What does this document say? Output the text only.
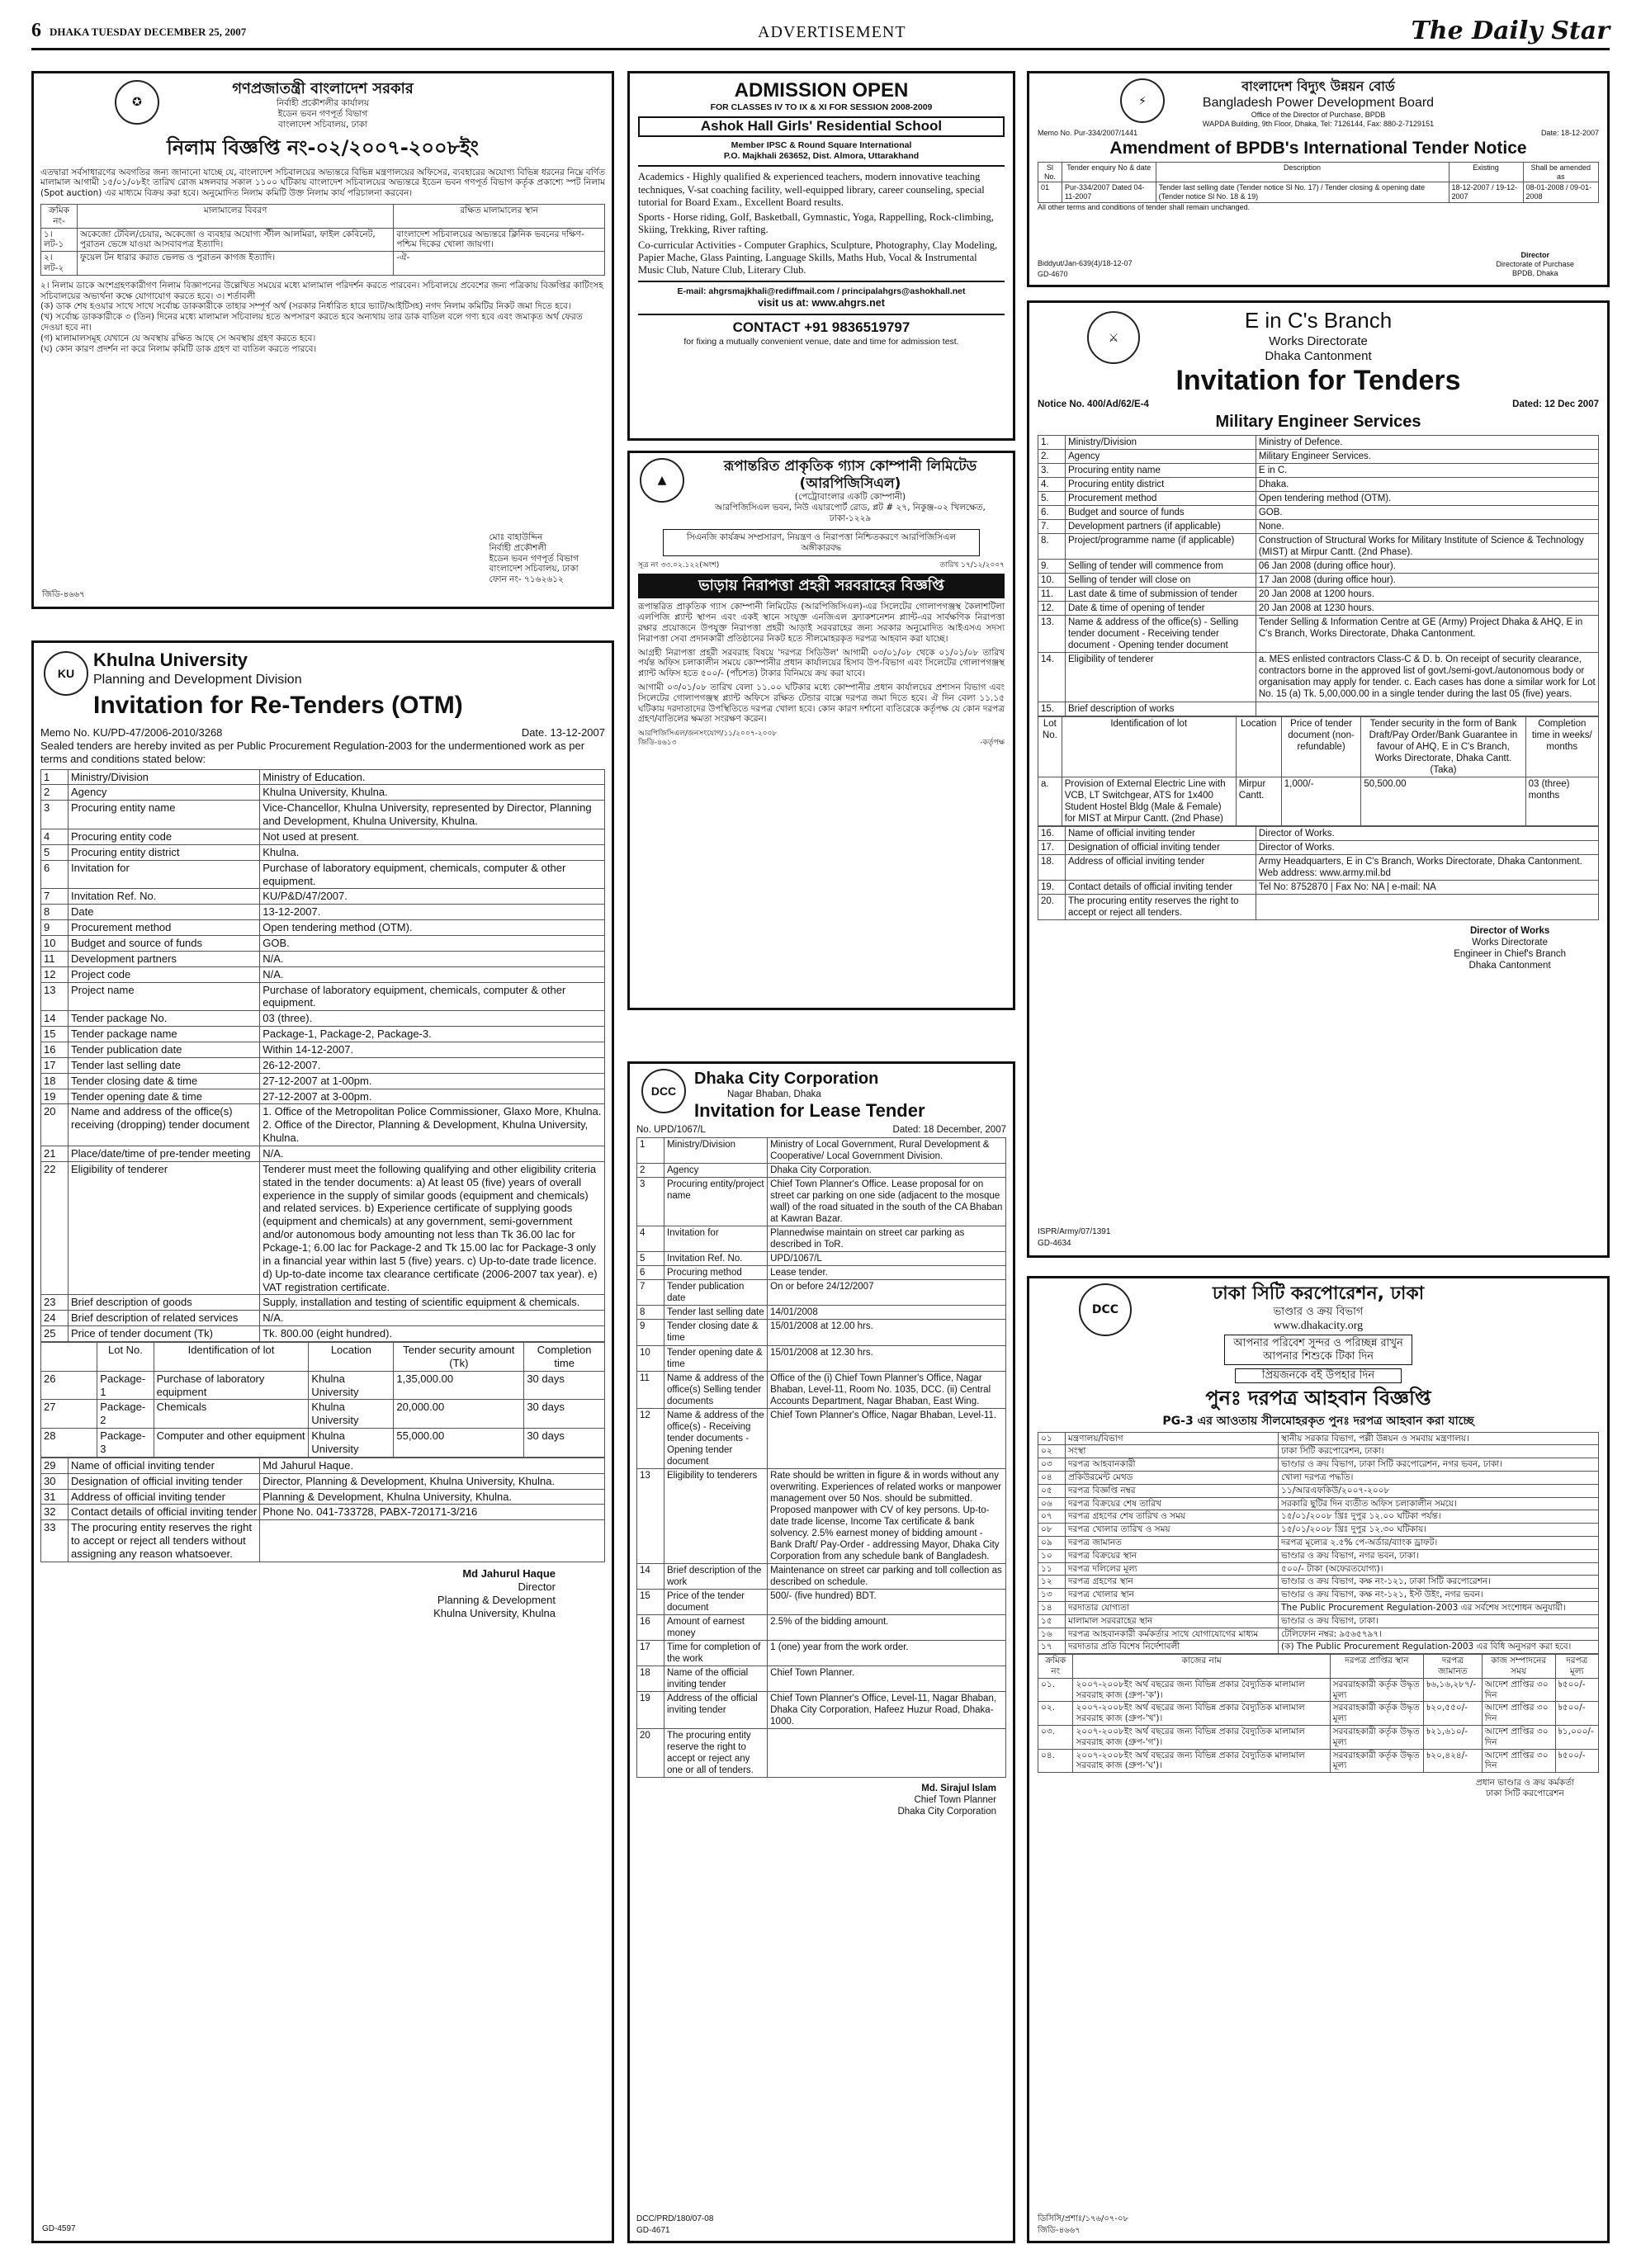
6 DHAKA TUESDAY DECEMBER 25, 2007	ADVERTISEMENT	The Daily Star
✪
গণপ্রজাতন্ত্রী বাংলাদেশ সরকার
নির্বাহী প্রকৌশলীর কার্যালয়
ইডেন ভবন গণপূর্ত বিভাগ
বাংলাদেশ সচিবালয়, ঢাকা
নিলাম বিজ্ঞপ্তি নং-০২/২০০৭-২০০৮ইং
এতদ্বারা সর্বসাধারণের অবগতির জন্য জানানো যাচ্ছে যে, বাংলাদেশ সচিবালয়ের অভ্যন্তরে বিভিন্ন মন্ত্রণালয়ের অফিসের, ব্যবহারের অযোগ্য বিভিন্ন ধরনের নিম্নে বর্ণিত মালামাল আগামী ১৫/০১/০৮ইং তারিখ রোজ মঙ্গলবার সকাল ১১০০ ঘটিকায় বাংলাদেশ সচিবালয়ের অভ্যন্তরে ইডেন ভবন গণপূর্ত বিভাগ কর্তৃক প্রকাশ্যে স্পট নিলাম (Spot auction) এর মাধ্যমে বিক্রয় করা হবে। অনুমোদিত নিলাম কমিটি উক্ত নিলাম কার্য পরিচালনা করবেন।
ক্রমিক নং-	মালামালের বিবরণ	রক্ষিত মালামালের স্থান
১। লট-১	অকেজো টেবিল/চেয়ার, অকেজো ও ব্যবহার অযোগ্য স্টীল আলমিরা, ফাইল কেবিনেট, পুরাতন ভেঙ্গে যাওয়া আসবাবপত্র ইত্যাদি।	বাংলাদেশ সচিবালয়ের অভ্যন্তরে ক্লিনিক ভবনের দক্ষিণ-পশ্চিম দিকের খোলা জায়গা।
২। লট-২	ফুয়েল টন ধারার করাত ভেলভ ও পুরাতন কাগজ ইত্যাদি।	-ঐ-
২। নিলাম ডাকে অংশগ্রহণকারীগণ নিলাম বিজ্ঞাপনের উল্লেখিত সময়ের মধ্যে মালামাল পরিদর্শন করতে পারবেন। সচিবালয়ে প্রবেশের জন্য পত্রিকায় বিজ্ঞপ্তির কাটিংসহ সচিবালয়ের অভ্যর্থনা কক্ষে যোগাযোগ করতে হবে। ৩। শর্তাবলী
(ক) ডাক শেষ হওয়ার সাথে সাথে সর্বোচ্চ ডাককারীকে তাহার সম্পূর্ণ অর্থ (সরকার নির্ধারিত হারে ভ্যাট/আইটিসহ) নগদ নিলাম কমিটির নিকট জমা দিতে হবে।
(খ) সর্বোচ্চ ডাককারীকে ৩ (তিন) দিনের মধ্যে মালামাল সচিবালয় হতে অপসারণ করতে হবে অন্যথায় তার ডাক বাতিল বলে গণ্য হবে এবং জমাকৃত অর্থ ফেরত দেওয়া হবে না।
(গ) মালামালসমূহ যেখানে যে অবস্থায় রক্ষিত আছে সে অবস্থায় গ্রহণ করতে হবে।
(ঘ) কোন কারণ প্রদর্শন না করে নিলাম কমিটি ডাক গ্রহণ বা বাতিল করতে পারবে।
মোঃ বাহাউদ্দিন
নির্বাহী প্রকৌশলী
ইডেন ভবন গণপূর্ত বিভাগ
বাংলাদেশ সচিবালয়, ঢাকা
ফোন নং- ৭১৬২৬১২
জিডি-৪৬৬৭
KU
Khulna University
Planning and Development Division
Invitation for Re-Tenders (OTM)
Memo No. KU/PD-47/2006-2010/3268	Date. 13-12-2007
Sealed tenders are hereby invited as per Public Procurement Regulation-2003 for the undermentioned work as per terms and conditions stated below:
1	Ministry/Division	Ministry of Education.
2	Agency	Khulna University, Khulna.
3	Procuring entity name	Vice-Chancellor, Khulna University, represented by Director, Planning and Development, Khulna University, Khulna.
4	Procuring entity code	Not used at present.
5	Procuring entity district	Khulna.
6	Invitation for	Purchase of laboratory equipment, chemicals, computer & other equipment.
7	Invitation Ref. No.	KU/P&D/47/2007.
8	Date	13-12-2007.
9	Procurement method	Open tendering method (OTM).
10	Budget and source of funds	GOB.
11	Development partners	N/A.
12	Project code	N/A.
13	Project name	Purchase of laboratory equipment, chemicals, computer & other equipment.
14	Tender package No.	03 (three).
15	Tender package name	Package-1, Package-2, Package-3.
16	Tender publication date	Within 14-12-2007.
17	Tender last selling date	26-12-2007.
18	Tender closing date & time	27-12-2007 at 1-00pm.
19	Tender opening date & time	27-12-2007 at 3-00pm.
20	Name and address of the office(s) receiving (dropping) tender document	1. Office of the Metropolitan Police Commissioner, Glaxo More, Khulna. 2. Office of the Director, Planning & Development, Khulna University, Khulna.
21	Place/date/time of pre-tender meeting	N/A.
22	Eligibility of tenderer	Tenderer must meet the following qualifying and other eligibility criteria stated in the tender documents: a) At least 05 (five) years of overall experience in the supply of similar goods (equipment and chemicals) and related services. b) Experience certificate of supplying goods (equipment and chemicals) at any government, semi-government and/or autonomous body amounting not less than Tk 36.00 lac for Pckage-1; 6.00 lac for Package-2 and Tk 15.00 lac for Package-3 only in a financial year within last 5 (five) years. c) Up-to-date trade licence. d) Up-to-date income tax clearance certificate (2006-2007 tax year). e) VAT registration certificate.
23	Brief description of goods	Supply, installation and testing of scientific equipment & chemicals.
24	Brief description of related services	N/A.
25	Price of tender document (Tk)	Tk. 800.00 (eight hundred).
	Lot No.	Identification of lot	Location	Tender security amount (Tk)	Completion time
26	Package-1	Purchase of laboratory equipment	Khulna University	1,35,000.00	30 days
27	Package-2	Chemicals	Khulna University	20,000.00	30 days
28	Package-3	Computer and other equipment	Khulna University	55,000.00	30 days
29	Name of official inviting tender	Md Jahurul Haque.
30	Designation of official inviting tender	Director, Planning & Development, Khulna University, Khulna.
31	Address of official inviting tender	Planning & Development, Khulna University, Khulna.
32	Contact details of official inviting tender	Phone No. 041-733728, PABX-720171-3/216
33	The procuring entity reserves the right to accept or reject all tenders without assigning any reason whatsoever.	
Md Jahurul Haque
Director
Planning & Development
Khulna University, Khulna
GD-4597
ADMISSION OPEN
FOR CLASSES IV TO IX & XI FOR SESSION 2008-2009
Ashok Hall Girls' Residential School
Member IPSC & Round Square International
P.O. Majkhali 263652, Dist. Almora, Uttarakhand
Academics - Highly qualified & experienced teachers, modern innovative teaching techniques, V-sat coaching facility, well-equipped library, career counseling, special tutorial for Board Exam., Excellent Board results.
Sports - Horse riding, Golf, Basketball, Gymnastic, Yoga, Rappelling, Rock-climbing, Skiing, Trekking, River rafting.
Co-curricular Activities - Computer Graphics, Sculpture, Photography, Clay Modeling, Papier Mache, Glass Painting, Language Skills, Maths Hub, Vocal & Instrumental Music Club, Nature Club, Literary Club.
E-mail: ahgrsmajkhali@rediffmail.com / principalahgrs@ashokhall.net
visit us at: www.ahgrs.net
CONTACT +91 9836519797
for fixing a mutually convenient venue, date and time for admission test.
▲
রূপান্তরিত প্রাকৃতিক গ্যাস কোম্পানী লিমিটেড (আরপিজিসিএল)
(পেট্রোবাংলার একটি কোম্পানী)
আরপিজিসিএল ভবন, নিউ এয়ারপোর্ট রোড, প্লট # ২৭, নিকুঞ্জ-০২ খিলক্ষেত, ঢাকা-১২২৯
সিএনজি কার্যক্রম সম্প্রসারণ, নিয়ন্ত্রণ ও নিরাপত্তা নিশ্চিতকরণে আরপিজিসিএল অঙ্গীকারবদ্ধ
সূত্র নং ৩৩.০২.১২২(অংশ)	তারিখ ১৭/১২/২০০৭
ভাড়ায় নিরাপত্তা প্রহরী সরবরাহের বিজ্ঞপ্তি
রূপান্তরিত প্রাকৃতিক গ্যাস কোম্পানী লিমিটেড (আরপিজিসিএল)-এর সিলেটের গোলাপগঞ্জস্থ কৈলাশটিলা এলপিজি প্ল্যান্ট স্থাপন এবং একই স্থানে সংযুক্ত এনজিএল ফ্র্যাকশনেশন প্ল্যান্ট-এর সার্বক্ষণিক নিরাপত্তা রক্ষার প্রয়োজনে উপযুক্ত নিরাপত্তা প্রহরী আড়াই সরবরাহের জন্য সরকার অনুমোদিত আইএসএ সদস্য নিরাপত্তা সেবা প্রদানকারী প্রতিষ্ঠানের নিকট হতে সীলমোহরকৃত দরপত্র আহবান করা যাচ্ছে।
আগ্রহী নিরাপত্তা প্রহরী সরবরাহ বিষয়ে 'দরপত্র সিডিউল' আগামী ০৩/০১/০৮ থেকে ০১/০১/০৮ তারিখ পর্যন্ত অফিস চলাকালীন সময়ে কোম্পানীর প্রধান কার্যালয়ের হিসাব উপ-বিভাগ এবং সিলেটের গোলাপগঞ্জস্থ প্ল্যান্ট অফিস হতে ৫০০/- (পাঁচশত) টাকার বিনিময়ে ক্রয় করা যাবে।
আগামী ০৩/০১/০৮ তারিখ বেলা ১১.০০ ঘটিকার মধ্যে কোম্পানীর প্রধান কার্যালয়ের প্রশাসন বিভাগ এবং সিলেটের গোলাপগঞ্জস্থ প্ল্যান্ট অফিসে রক্ষিত টেন্ডার বাক্সে দরপত্র জমা দিতে হবে। ঐ দিন বেলা ১১.১৫ ঘটিকায় দরদাতাদের উপস্থিতিতে দরপত্র খোলা হবে। কোন কারণ দর্শানো ব্যতিরেকে কর্তৃপক্ষ যে কোন দরপত্র গ্রহণ/বাতিলের ক্ষমতা সংরক্ষণ করেন।
আরপিজিসিএল/জনসংযোগ/১১/২০০৭-২০০৮
জিডি-৪৬১৩	-কর্তৃপক্ষ
DCC
Dhaka City Corporation
Nagar Bhaban, Dhaka
Invitation for Lease Tender
No. UPD/1067/L	Dated: 18 December, 2007
1	Ministry/Division	Ministry of Local Government, Rural Development & Cooperative/ Local Government Division.
2	Agency	Dhaka City Corporation.
3	Procuring entity/project name	Chief Town Planner's Office. Lease proposal for on street car parking on one side (adjacent to the mosque wall) of the road situated in the south of the CA Bhaban at Kawran Bazar.
4	Invitation for	Plannedwise maintain on street car parking as described in ToR.
5	Invitation Ref. No.	UPD/1067/L
6	Procuring method	Lease tender.
7	Tender publication date	On or before 24/12/2007
8	Tender last selling date	14/01/2008
9	Tender closing date & time	15/01/2008 at 12.00 hrs.
10	Tender opening date & time	15/01/2008 at 12.30 hrs.
11	Name & address of the office(s) Selling tender documents	Office of the (i) Chief Town Planner's Office, Nagar Bhaban, Level-11, Room No. 1035, DCC. (ii) Central Accounts Department, Nagar Bhaban, East Wing.
12	Name & address of the office(s) - Receiving tender documents - Opening tender document	Chief Town Planner's Office, Nagar Bhaban, Level-11.
13	Eligibility to tenderers	Rate should be written in figure & in words without any overwriting. Experiences of related works or manpower management over 50 Nos. should be submitted. Proposed manpower with CV of key persons. Up-to-date trade license, Income Tax certificate & bank solvency. 2.5% earnest money of bidding amount - Bank Draft/ Pay-Order - addressing Mayor, Dhaka City Corporation from any schedule bank of Bangladesh.
14	Brief description of the work	Maintenance on street car parking and toll collection as described on schedule.
15	Price of the tender document	500/- (five hundred) BDT.
16	Amount of earnest money	2.5% of the bidding amount.
17	Time for completion of the work	1 (one) year from the work order.
18	Name of the official inviting tender	Chief Town Planner.
19	Address of the official inviting tender	Chief Town Planner's Office, Level-11, Nagar Bhaban, Dhaka City Corporation, Hafeez Huzur Road, Dhaka-1000.
20	The procuring entity reserve the right to accept or reject any one or all of tenders.	
Md. Sirajul Islam
Chief Town Planner
Dhaka City Corporation
DCC/PRD/180/07-08
GD-4671
⚡
বাংলাদেশ বিদ্যুৎ উন্নয়ন বোর্ড
Bangladesh Power Development Board
Office of the Director of Purchase, BPDB
WAPDA Building, 9th Floor, Dhaka, Tel: 7126144, Fax: 880-2-7129151
Memo No. Pur-334/2007/1441	Date: 18-12-2007
Amendment of BPDB's International Tender Notice
Sl No.	Tender enquiry No & date	Description	Existing	Shall be amended as
01	Pur-334/2007 Dated 04-11-2007	Tender last selling date (Tender notice Sl No. 17) / Tender closing & opening date (Tender notice Sl No. 18 & 19)	18-12-2007 / 19-12-2007	08-01-2008 / 09-01-2008
All other terms and conditions of tender shall remain unchanged.
Director
Directorate of Purchase
BPDB, Dhaka
Biddyut/Jan-639(4)/18-12-07
GD-4670
⚔
E in C's Branch
Works Directorate
Dhaka Cantonment
Invitation for Tenders
Notice No. 400/Ad/62/E-4	Dated: 12 Dec 2007
Military Engineer Services
1.	Ministry/Division	Ministry of Defence.
2.	Agency	Military Engineer Services.
3.	Procuring entity name	E in C.
4.	Procuring entity district	Dhaka.
5.	Procurement method	Open tendering method (OTM).
6.	Budget and source of funds	GOB.
7.	Development partners (if applicable)	None.
8.	Project/programme name (if applicable)	Construction of Structural Works for Military Institute of Science & Technology (MIST) at Mirpur Cantt. (2nd Phase).
9.	Selling of tender will commence from	06 Jan 2008 (during office hour).
10.	Selling of tender will close on	17 Jan 2008 (during office hour).
11.	Last date & time of submission of tender	20 Jan 2008 at 1200 hours.
12.	Date & time of opening of tender	20 Jan 2008 at 1230 hours.
13.	Name & address of the office(s) - Selling tender document - Receiving tender document - Opening tender document	Tender Selling & Information Centre at GE (Army) Project Dhaka & AHQ, E in C's Branch, Works Directorate, Dhaka Cantonment.
14.	Eligibility of tenderer	a. MES enlisted contractors Class-C & D. b. On receipt of security clearance, contractors borne in the approved list of govt./semi-govt./autonomous body or organisation may apply for tender. c. Each cases has done a similar work for Lot No. 15 (a) Tk. 5,00,000.00 in a single tender during the last 05 (five) years.
15.	Brief description of works	
Lot No.	Identification of lot	Location	Price of tender document (non-refundable)	Tender security in the form of Bank Draft/Pay Order/Bank Guarantee in favour of AHQ, E in C's Branch, Works Directorate, Dhaka Cantt. (Taka)	Completion time in weeks/ months
a.	Provision of External Electric Line with VCB, LT Switchgear, ATS for 1x400 Student Hostel Bldg (Male & Female) for MIST at Mirpur Cantt. (2nd Phase)	Mirpur Cantt.	1,000/-	50,500.00	03 (three) months
16.	Name of official inviting tender	Director of Works.
17.	Designation of official inviting tender	Director of Works.
18.	Address of official inviting tender	Army Headquarters, E in C's Branch, Works Directorate, Dhaka Cantonment. Web address: www.army.mil.bd
19.	Contact details of official inviting tender	Tel No: 8752870 | Fax No: NA | e-mail: NA
20.	The procuring entity reserves the right to accept or reject all tenders.	
Director of Works
Works Directorate
Engineer in Chief's Branch
Dhaka Cantonment
ISPR/Army/07/1391
GD-4634
DCC
ঢাকা সিটি করপোরেশন, ঢাকা
ভাণ্ডার ও ক্রয় বিভাগ
www.dhakacity.org
আপনার পরিবেশ সুন্দর ও পরিচ্ছন্ন রাখুন
আপনার শিশুকে টিকা দিন
প্রিয়জনকে বই উপহার দিন
পুনঃ দরপত্র আহবান বিজ্ঞপ্তি
PG-3 এর আওতায় সীলমোহরকৃত পুনঃ দরপত্র আহবান করা যাচ্ছে
০১	মন্ত্রণালয়/বিভাগ	স্থানীয় সরকার বিভাগ, পল্লী উন্নয়ন ও সমবায় মন্ত্রণালয়।
০২	সংস্থা	ঢাকা সিটি করপোরেশন, ঢাকা।
০৩	দরপত্র আহবানকারী	ভাণ্ডার ও ক্রয় বিভাগ, ঢাকা সিটি করপোরেশন, নগর ভবন, ঢাকা।
০৪	প্রকিউরমেন্ট মেথড	খোলা দরপত্র পদ্ধতি।
০৫	দরপত্র বিজ্ঞপ্তি নম্বর	১১/আরএফকিউ/২০০৭-২০০৮
০৬	দরপত্র বিক্রয়ের শেষ তারিখ	সরকারি ছুটির দিন ব্যতীত অফিস চলাকালীন সময়ে।
০৭	দরপত্র গ্রহণের শেষ তারিখ ও সময়	১৫/০১/২০০৮ খ্রিঃ দুপুর ১২.০০ ঘটিকা পর্যন্ত।
০৮	দরপত্র খোলার তারিখ ও সময়	১৫/০১/২০০৮ খ্রিঃ দুপুর ১২.৩০ ঘটিকায়।
০৯	দরপত্র জামানত	দরপত্র মূল্যের ২.৫% পে-অর্ডার/ব্যাংক ড্রাফট।
১০	দরপত্র বিক্রয়ের স্থান	ভাণ্ডার ও ক্রয় বিভাগ, নগর ভবন, ঢাকা।
১১	দরপত্র দলিলের মূল্য	৫০০/- টাকা (অফেরতযোগ্য)।
১২	দরপত্র গ্রহণের স্থান	ভাণ্ডার ও ক্রয় বিভাগ, কক্ষ নং-১২১, ঢাকা সিটি করপোরেশন।
১৩	দরপত্র খোলার স্থান	ভাণ্ডার ও ক্রয় বিভাগ, কক্ষ নং-১২১, ইস্ট উইং, নগর ভবন।
১৪	দরদাতার যোগ্যতা	The Public Procurement Regulation-2003 এর সর্বশেষ সংশোধন অনুযায়ী।
১৫	মালামাল সরবরাহের স্থান	ভাণ্ডার ও ক্রয় বিভাগ, ঢাকা।
১৬	দরপত্র আহবানকারী কর্মকর্তার সাথে যোগাযোগের মাধ্যম	টেলিফোন নম্বর: ৯৫৬৫৭৯৭।
১৭	দরদাতার প্রতি বিশেষ নির্দেশাবলী	(ক) The Public Procurement Regulation-2003 এর বিধি অনুসরণ করা হবে।
ক্রমিক নং	কাজের নাম	দরপত্র প্রাপ্তির স্থান	দরপত্র জামানত	কাজ সম্পাদনের সময়	দরপত্র মূল্য
০১.	২০০৭-২০০৮ইং অর্থ বছরের জন্য বিভিন্ন প্রকার বৈদ্যুতিক মালামাল সরবরাহ কাজ (গ্রুপ-'ক')।	সরবরাহকারী কর্তৃক উদ্ধৃত মূল্য	৳৬,১৬,২৮৭/-	আদেশ প্রাপ্তির ৩০ দিন	৳৫০০/-
০২.	২০০৭-২০০৮ইং অর্থ বছরের জন্য বিভিন্ন প্রকার বৈদ্যুতিক মালামাল সরবরাহ কাজ (গ্রুপ-'খ')।	সরবরাহকারী কর্তৃক উদ্ধৃত মূল্য	৳২০,৫৫০/-	আদেশ প্রাপ্তির ৩০ দিন	৳৫০০/-
০৩.	২০০৭-২০০৮ইং অর্থ বছরের জন্য বিভিন্ন প্রকার বৈদ্যুতিক মালামাল সরবরাহ কাজ (গ্রুপ-'গ')।	সরবরাহকারী কর্তৃক উদ্ধৃত মূল্য	৳২১,৬১০/-	আদেশ প্রাপ্তির ৩০ দিন	৳১,০০০/-
০৪.	২০০৭-২০০৮ইং অর্থ বছরের জন্য বিভিন্ন প্রকার বৈদ্যুতিক মালামাল সরবরাহ কাজ (গ্রুপ-'ঘ')।	সরবরাহকারী কর্তৃক উদ্ধৃত মূল্য	৳২০,৪২৪/-	আদেশ প্রাপ্তির ৩০ দিন	৳৫০০/-
প্রধান ভাণ্ডার ও ক্রয় কর্মকর্তা
ঢাকা সিটি করপোরেশন
ডিসিসি/প্রশাঃ/১৭৬/০৭-০৮
জিডি-৪৬৬৭
